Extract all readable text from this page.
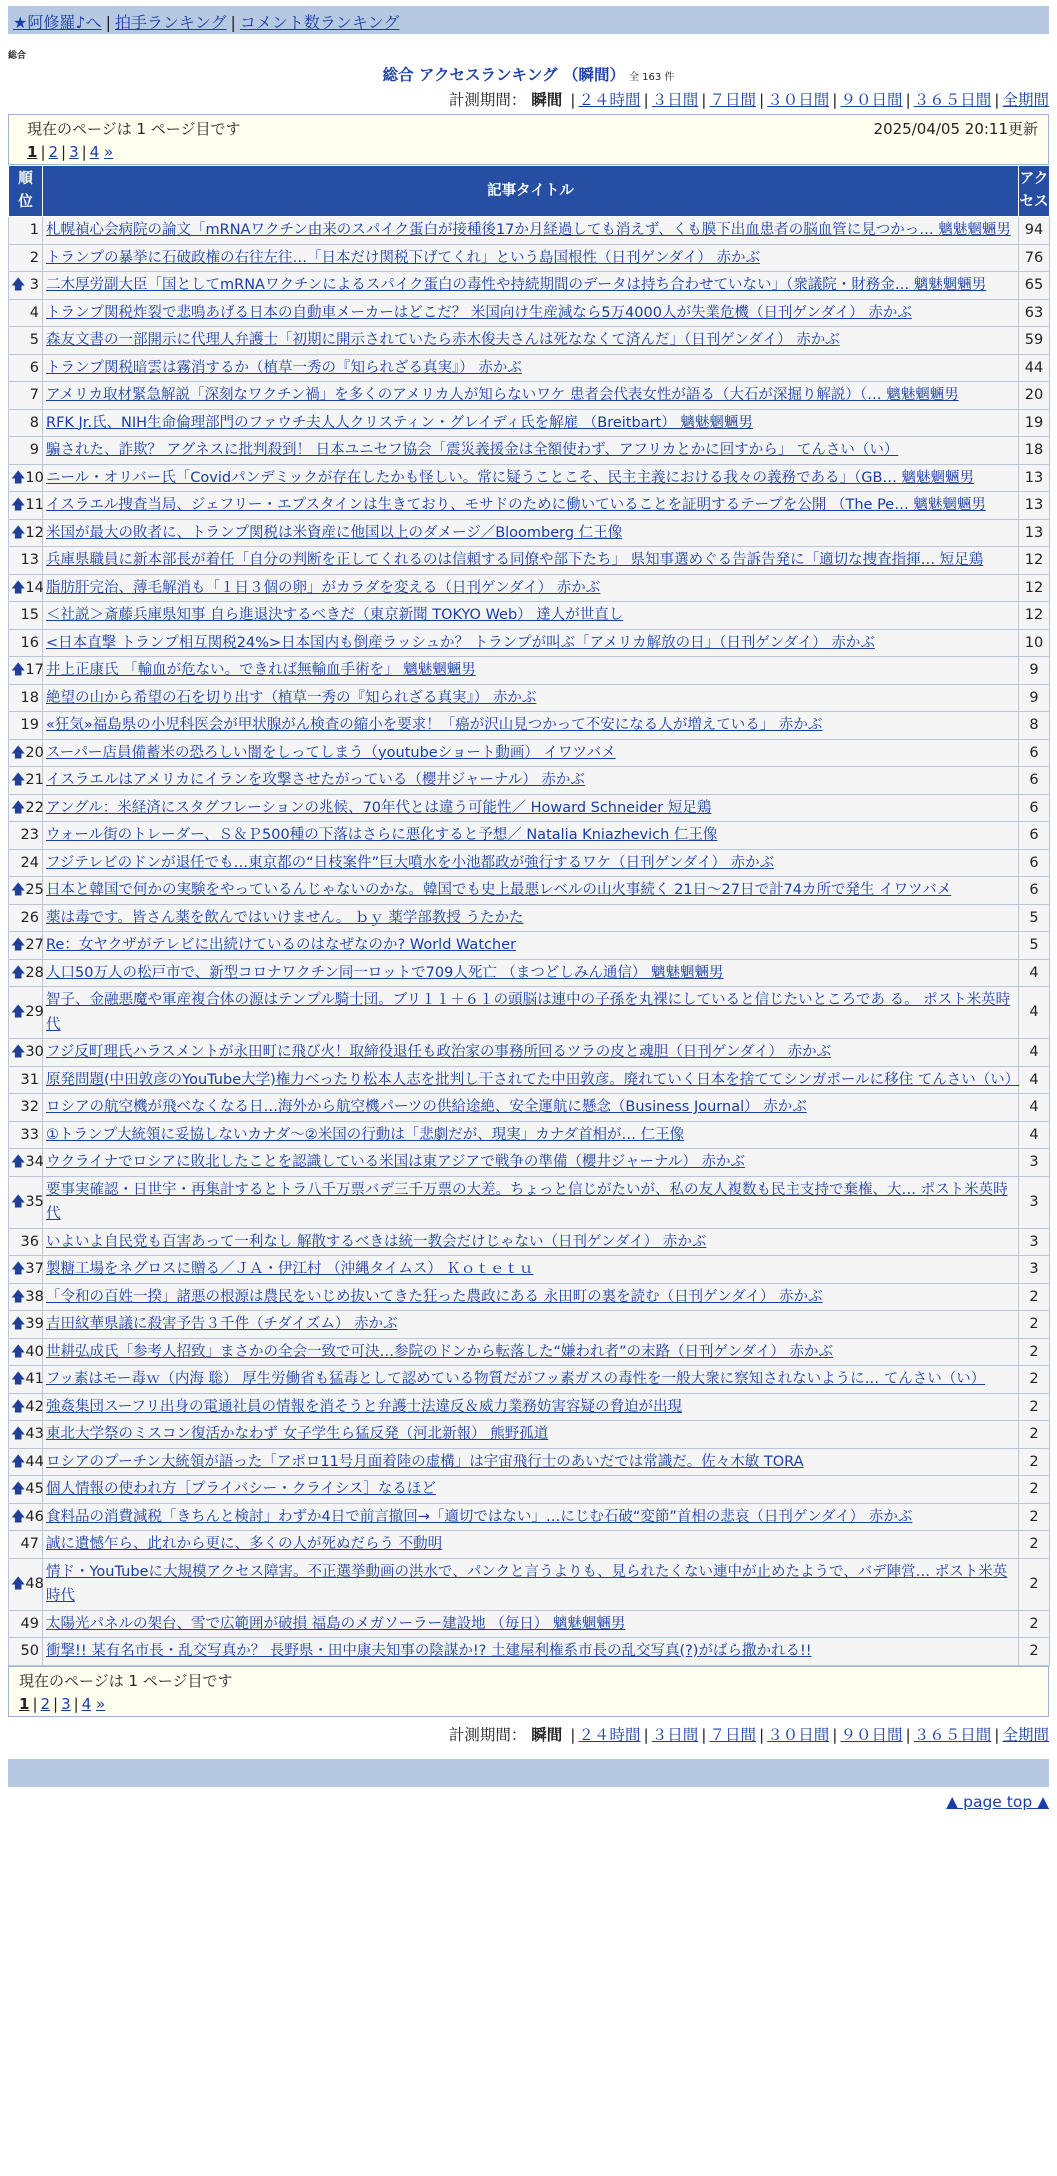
★阿修羅♪へ | 拍手ランキング | コメント数ランキング
総合
総合 アクセスランキング （瞬間） 全 163 件
計測期間： 瞬間 | ２４時間 | ３日間 | ７日間 | ３０日間 | ９０日間 | ３６５日間 | 全期間
現在のページは 1 ページ目です	2025/04/05 20:11更新
1 | 2 | 3 | 4 »
順位	記事タイトル	アクセス
1	札幌禎心会病院の論文「mRNAワクチン由来のスパイク蛋白が接種後17か月経過しても消えず、くも膜下出血患者の脳血管に見つかっ… 魑魅魍魎男	94
2	トランプの暴挙に石破政権の右往左往…「日本だけ関税下げてくれ」という島国根性（日刊ゲンダイ） 赤かぶ	76

🡅 3	二木厚労副大臣「国としてmRNAワクチンによるスパイク蛋白の毒性や持続期間のデータは持ち合わせていない」（衆議院・財務金… 魑魅魍魎男	65
4	トランプ関税炸裂で悲鳴あげる日本の自動車メーカーはどこだ？ 米国向け生産減なら5万4000人が失業危機（日刊ゲンダイ） 赤かぶ	63
5	森友文書の一部開示に代理人弁護士「初期に開示されていたら赤木俊夫さんは死ななくて済んだ」（日刊ゲンダイ） 赤かぶ	59
6	トランプ関税暗雲は霧消するか（植草一秀の『知られざる真実』） 赤かぶ	44
7	アメリカ取材緊急解説「深刻なワクチン禍」を多くのアメリカ人が知らないワケ 患者会代表女性が語る（大石が深掘り解説）（… 魑魅魍魎男	20
8	RFK Jr.氏、NIH生命倫理部門のファウチ夫人人クリスティン・グレイディ氏を解雇 （Breitbart） 魑魅魍魎男	19
9	騙された、詐欺？ アグネスに批判殺到！ 日本ユニセフ協会「震災義援金は全額使わず、アフリカとかに回すから」 てんさい（い）	18

🡅 10	ニール・オリバー氏「Covidパンデミックが存在したかも怪しい。常に疑うことこそ、民主主義における我々の義務である」（GB… 魑魅魍魎男	13

🡅 11	イスラエル捜査当局、ジェフリー・エプスタインは生きており、モサドのために働いていることを証明するテープを公開 （The Pe… 魑魅魍魎男	13

🡅 12	米国が最大の敗者に、トランプ関税は米資産に他国以上のダメージ／Bloomberg 仁王像	13
13	兵庫県職員に新本部長が着任「自分の判断を正してくれるのは信頼する同僚や部下たち」 県知事選めぐる告訴告発に「適切な捜査指揮… 短足鶏	12

🡅 14	脂肪肝完治、薄毛解消も「１日３個の卵」がカラダを変える（日刊ゲンダイ） 赤かぶ	12
15	＜社説＞斎藤兵庫県知事 自ら進退決するべきだ（東京新聞 TOKYO Web） 達人が世直し	12
16	<日本直撃 トランプ相互関税24%>日本国内も倒産ラッシュか？ トランプが叫ぶ「アメリカ解放の日」（日刊ゲンダイ） 赤かぶ	10

🡅 17	井上正康氏 「輸血が危ない。できれば無輸血手術を」 魑魅魍魎男	9
18	絶望の山から希望の石を切り出す（植草一秀の『知られざる真実』） 赤かぶ	9
19	«狂気»福島県の小児科医会が甲状腺がん検査の縮小を要求！「癌が沢山見つかって不安になる人が増えている」 赤かぶ	8

🡅 20	スーパー店員備蓄米の恐ろしい闇をしってしまう（youtubeショート動画） イワツバメ	6

🡅 21	イスラエルはアメリカにイランを攻撃させたがっている（櫻井ジャーナル） 赤かぶ	6

🡅 22	アングル：米経済にスタグフレーションの兆候、70年代とは違う可能性／ Howard Schneider 短足鶏	6
23	ウォール街のトレーダー、Ｓ＆Ｐ500種の下落はさらに悪化すると予想／ Natalia Kniazhevich 仁王像	6
24	フジテレビのドンが退任でも…東京都の“日枝案件”巨大噴水を小池都政が強行するワケ（日刊ゲンダイ） 赤かぶ	6

🡅 25	日本と韓国で何かの実験をやっているんじゃないのかな。韓国でも史上最悪レベルの山火事続く 21日〜27日で計74カ所で発生 イワツバメ	6
26	薬は毒です。皆さん薬を飲んではいけません。 ｂｙ 薬学部教授 うたかた	5

🡅 27	Re：女ヤクザがテレビに出続けているのはなぜなのか? World Watcher	5

🡅 28	人口50万人の松戸市で、新型コロナワクチン同一ロットで709人死亡 （まつどしみん通信） 魑魅魍魎男	4

🡅 29	智子、金融悪魔や軍産複合体の源はテンプル騎士団。ブリ１１＋６１の頭脳は連中の子孫を丸裸にしていると信じたいところであ る。 ポスト米英時代	4

🡅 30	フジ反町理氏ハラスメントが永田町に飛び火！取締役退任も政治家の事務所回るツラの皮と魂胆（日刊ゲンダイ） 赤かぶ	4
31	原発問題(中田敦彦のYouTube大学)権力べったり松本人志を批判し干されてた中田敦彦。廃れていく日本を捨ててシンガポールに移住 てんさい（い）	4
32	ロシアの航空機が飛べなくなる日…海外から航空機パーツの供給途絶、安全運航に懸念（Business Journal） 赤かぶ	4
33	①トランプ大統領に妥協しないカナダ～②米国の行動は「悲劇だが、現実」カナダ首相が… 仁王像	4

🡅 34	ウクライナでロシアに敗北したことを認識している米国は東アジアで戦争の準備（櫻井ジャーナル） 赤かぶ	3

🡅 35	要事実確認・日世宇・再集計するとトラ八千万票バデ三千万票の大差。ちょっと信じがたいが、私の友人複数も民主支持で棄権、大… ポスト米英時代	3
36	いよいよ自民党も百害あって一利なし 解散するべきは統一教会だけじゃない（日刊ゲンダイ） 赤かぶ	3

🡅 37	製糖工場をネグロスに贈る／ＪＡ・伊江村 （沖縄タイムス） Ｋｏｔｅｔｕ	3

🡅 38	「令和の百姓一揆」諸悪の根源は農民をいじめ抜いてきた狂った農政にある 永田町の裏を読む（日刊ゲンダイ） 赤かぶ	2

🡅 39	吉田紋華県議に殺害予告３千件（チダイズム） 赤かぶ	2

🡅 40	世耕弘成氏「参考人招致」まさかの全会一致で可決…参院のドンから転落した“嫌われ者”の末路（日刊ゲンダイ） 赤かぶ	2

🡅 41	フッ素はモー毒ｗ（内海 聡） 厚生労働省も猛毒として認めている物質だがフッ素ガスの毒性を一般大衆に察知されないように… てんさい（い）	2

🡅 42	強姦集団スーフリ出身の電通社員の情報を消そうと弁護士法違反＆威力業務妨害容疑の脅迫が出現	2

🡅 43	東北大学祭のミスコン復活かなわず 女子学生ら猛反発（河北新報） 熊野孤道	2

🡅 44	ロシアのプーチン大統領が語った「アポロ11号月面着陸の虚構」は宇宙飛行士のあいだでは常識だ。佐々木敏 TORA	2

🡅 45	個人情報の使われ方［プライバシー・クライシス］なるほど	2

🡅 46	食料品の消費減税「きちんと検討」わずか4日で前言撤回→「適切ではない」…にじむ石破“変節”首相の悲哀（日刊ゲンダイ） 赤かぶ	2
47	誠に遺憾乍ら、此れから更に、多くの人が死ぬだらう 不動明	2

🡅 48	情ド・YouTubeに大規模アクセス障害。不正選挙動画の洪水で、パンクと言うよりも、見られたくない連中が止めたようで、バデ陣営… ポスト米英時代	2
49	太陽光パネルの架台、雪で広範囲が破損 福島のメガソーラー建設地 （毎日） 魑魅魍魎男	2
50	衝撃!! 某有名市長・乱交写真か？ 長野県・田中康夫知事の陰謀か!? 土建屋利権系市長の乱交写真(?)がばら撒かれる!!	2
現在のページは 1 ページ目です
1 | 2 | 3 | 4 »
計測期間： 瞬間 | ２４時間 | ３日間 | ７日間 | ３０日間 | ９０日間 | ３６５日間 | 全期間
▲ page top ▲
